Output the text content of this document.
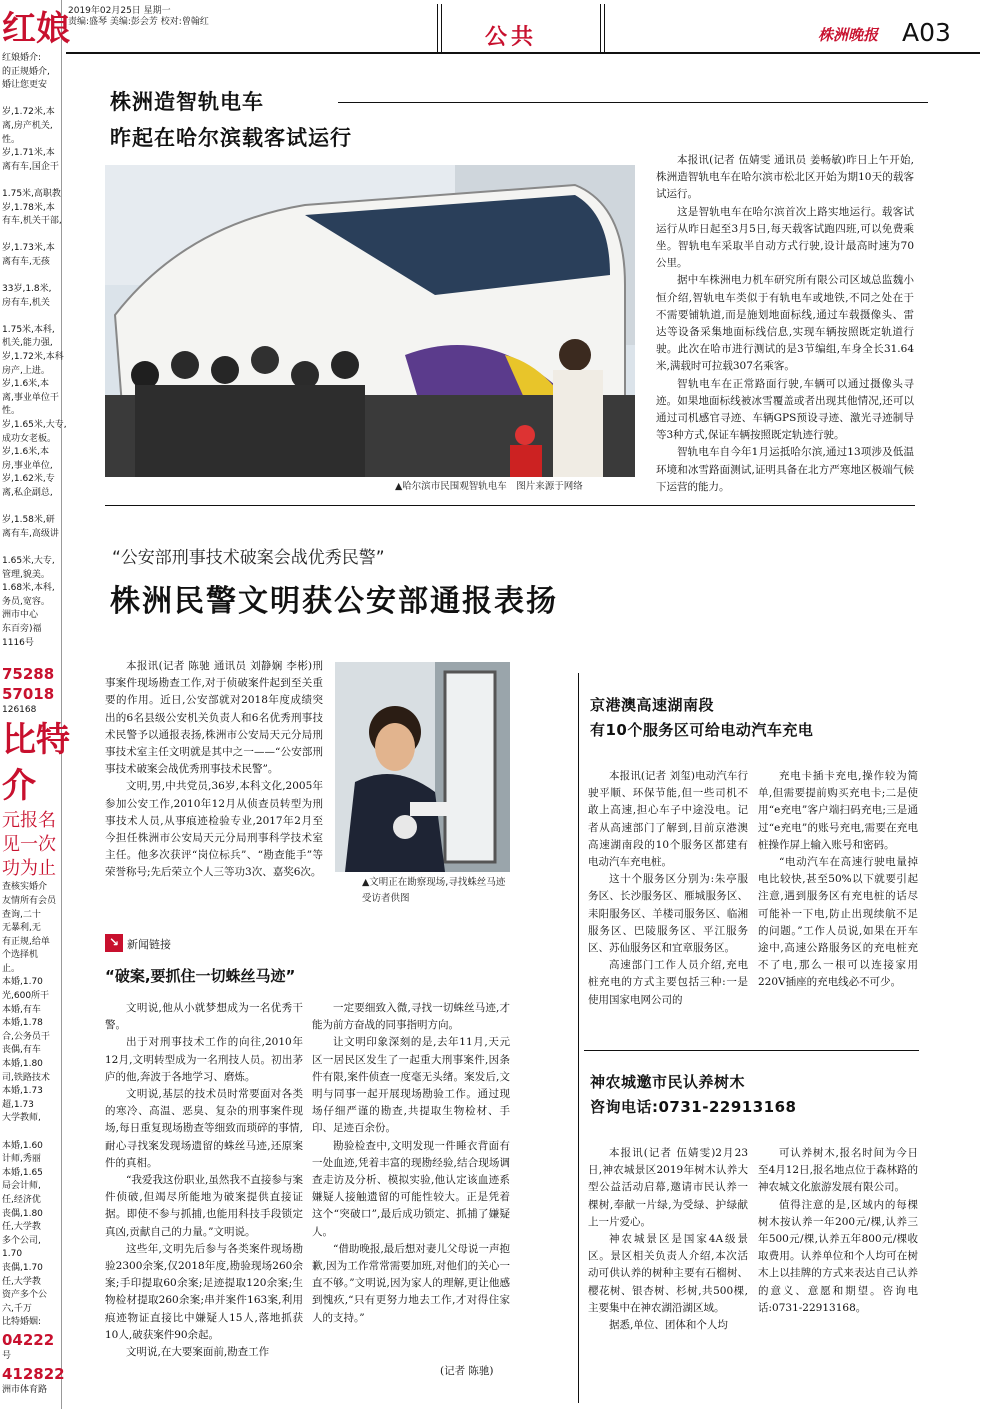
红娘
红娘婚介:
的正规婚介,
婚让您更安
岁,1.72米,本
离,房产机关,
性。
岁,1.71米,本
离有车,国企干
1.75米,高职教
岁,1.78米,本
有车,机关干部,
岁,1.73米,本
离有车,无孩
33岁,1.8米,
房有车,机关
1.75米,本科,
机关,能力强,
岁,1.72米,本科
房产,上进。
岁,1.6米,本
离,事业单位干
性。
岁,1.65米,大专,
成功女老板。
岁,1.6米,本
房,事业单位,
岁,1.62米,专
离,私企副总,
岁,1.58米,研
离有车,高级讲
1.65米,大专,
管理,貌美。
1.68米,本科,
务员,宽容。
洲市中心
东百旁)福
1116号
75288
57018
126168
比特
介
元报名
见一次
功为止
查核实婚介
友情所有会员
查询,二十
无暴利,无
有正规,给单
个选择机
止。
本婚,1.70
光,600所干
本婚,有车
本婚,1.78
合,公务员干
丧偶,有车
本婚,1.80
司,铁路技术
本婚,1.73
超,1.73
大学教师,
本婚,1.60
计师,秀丽
本婚,1.65
局会计师,
任,经济优
丧偶,1.80
任,大学教
多个公司,
1.70
丧偶,1.70
任,大学教
资产多个公
六,千万
比特婚姻:
04222
号
412822
洲市体育路
2019年02月25日 星期一
责编:盛琴 美编:彭会芳 校对:曾翰红
公共	株洲晚报 A03
株洲造智轨电车
昨起在哈尔滨载客试运行
▲哈尔滨市民围观智轨电车　图片来源于网络

本报讯(记者 伍婧雯 通讯员 姜畅敏)昨日上午开始,株洲造智轨电车在哈尔滨市松北区开始为期10天的载客试运行。

这是智轨电车在哈尔滨首次上路实地运行。载客试运行从昨日起至3月5日,每天载客试跑四班,可以免费乘坐。智轨电车采取半自动方式行驶,设计最高时速为70公里。

据中车株洲电力机车研究所有限公司区域总监魏小恒介绍,智轨电车类似于有轨电车或地铁,不同之处在于不需要铺轨道,而是施划地面标线,通过车载摄像头、雷达等设备采集地面标线信息,实现车辆按照既定轨道行驶。此次在哈市进行测试的是3节编组,车身全长31.64米,满载时可拉载307名乘客。

智轨电车在正常路面行驶,车辆可以通过摄像头寻迹。如果地面标线被冰雪覆盖或者出现其他情况,还可以通过司机感官寻迹、车辆GPS预设寻迹、激光寻迹制导等3种方式,保证车辆按照既定轨迹行驶。

智轨电车自今年1月运抵哈尔滨,通过13项涉及低温环境和冰雪路面测试,证明具备在北方严寒地区极端气候下运营的能力。

“公安部刑事技术破案会战优秀民警”
株洲民警文明获公安部通报表扬

本报讯(记者 陈驰 通讯员 刘静娴 李彬)刑事案件现场勘查工作,对于侦破案件起到至关重要的作用。近日,公安部就对2018年度成绩突出的6名县级公安机关负责人和6名优秀刑事技术民警予以通报表扬,株洲市公安局天元分局刑事技术室主任文明就是其中之一——“公安部刑事技术破案会战优秀刑事技术民警”。

文明,男,中共党员,36岁,本科文化,2005年参加公安工作,2010年12月从侦查员转型为刑事技术人员,从事痕迹检验专业,2017年2月至今担任株洲市公安局天元分局刑事科学技术室主任。他多次获评“岗位标兵”、“勘查能手”等荣誉称号;先后荣立个人三等功3次、嘉奖6次。

▲文明正在勘察现场,寻找蛛丝马迹　受访者供图
↘ 新闻链接
“破案,要抓住一切蛛丝马迹”

文明说,他从小就梦想成为一名优秀干警。

出于对刑事技术工作的向往,2010年12月,文明转型成为一名刑技人员。初出茅庐的他,奔波于各地学习、磨炼。

文明说,基层的技术员时常要面对各类的寒冷、高温、恶臭、复杂的刑事案件现场,每日重复现场勘查等细致而琐碎的事情,耐心寻找案发现场遗留的蛛丝马迹,还原案件的真相。

“我爱我这份职业,虽然我不直接参与案件侦破,但竭尽所能地为破案提供直接证据。即使不参与抓捕,也能用科技手段锁定真凶,贡献自己的力量。”文明说。

这些年,文明先后参与各类案件现场勘验2300余案,仅2018年度,勘验现场260余案;手印提取60余案;足迹提取120余案;生物检材提取260余案;串并案件163案,利用痕迹物证直接比中嫌疑人15人,落地抓获10人,破获案件90余起。

文明说,在大要案面前,勘查工作

一定要细致入微,寻找一切蛛丝马迹,才能为前方奋战的同事指明方向。

让文明印象深刻的是,去年11月,天元区一居民区发生了一起重大刑事案件,因条件有限,案件侦查一度毫无头绪。案发后,文明与同事一起开展现场勘验工作。通过现场仔细严谨的勘查,共提取生物检材、手印、足迹百余份。

勘验检查中,文明发现一件睡衣背面有一处血迹,凭着丰富的现勘经验,结合现场调查走访及分析、模拟实验,他认定该血迹系嫌疑人接触遗留的可能性较大。正是凭着这个“突破口”,最后成功锁定、抓捕了嫌疑人。

“借助晚报,最后想对妻儿父母说一声抱歉,因为工作常常需要加班,对他们的关心一直不够。”文明说,因为家人的理解,更让他感到愧疚,“只有更努力地去工作,才对得住家人的支持。”

(记者 陈驰)
京港澳高速湖南段
有10个服务区可给电动汽车充电

本报讯(记者 刘玺)电动汽车行驶平顺、环保节能,但一些司机不敢上高速,担心车子中途没电。记者从高速部门了解到,目前京港澳高速湖南段的10个服务区都建有电动汽车充电桩。

这十个服务区分别为:朱亭服务区、长沙服务区、雁城服务区、耒阳服务区、羊楼司服务区、临湘服务区、巴陵服务区、平江服务区、苏仙服务区和宜章服务区。

高速部门工作人员介绍,充电桩充电的方式主要包括三种:一是使用国家电网公司的

充电卡插卡充电,操作较为简单,但需要提前购买充电卡;二是使用“e充电”客户端扫码充电;三是通过“e充电”的账号充电,需要在充电桩操作屏上输入账号和密码。

“电动汽车在高速行驶电量掉电比较快,甚至50%以下就要引起注意,遇到服务区有充电桩的话尽可能补一下电,防止出现续航不足的问题。”工作人员说,如果在开车途中,高速公路服务区的充电桩充不了电,那么一根可以连接家用220V插座的充电线必不可少。

神农城邀市民认养树木
咨询电话:0731-22913168

本报讯(记者 伍婧雯)2月23日,神农城景区2019年树木认养大型公益活动启幕,邀请市民认养一棵树,奉献一片绿,为受绿、护绿献上一片爱心。

神农城景区是国家4A级景区。景区相关负责人介绍,本次活动可供认养的树种主要有石榴树、樱花树、银杏树、杉树,共500棵,主要集中在神农湖沿湖区域。

据悉,单位、团体和个人均

可认养树木,报名时间为今日至4月12日,报名地点位于森林路的神农城文化旅游发展有限公司。

值得注意的是,区域内的每棵树木按认养一年200元/棵,认养三年500元/棵,认养五年800元/棵收取费用。认养单位和个人均可在树木上以挂牌的方式来表达自己认养的意义、意愿和期望。咨询电话:0731-22913168。
